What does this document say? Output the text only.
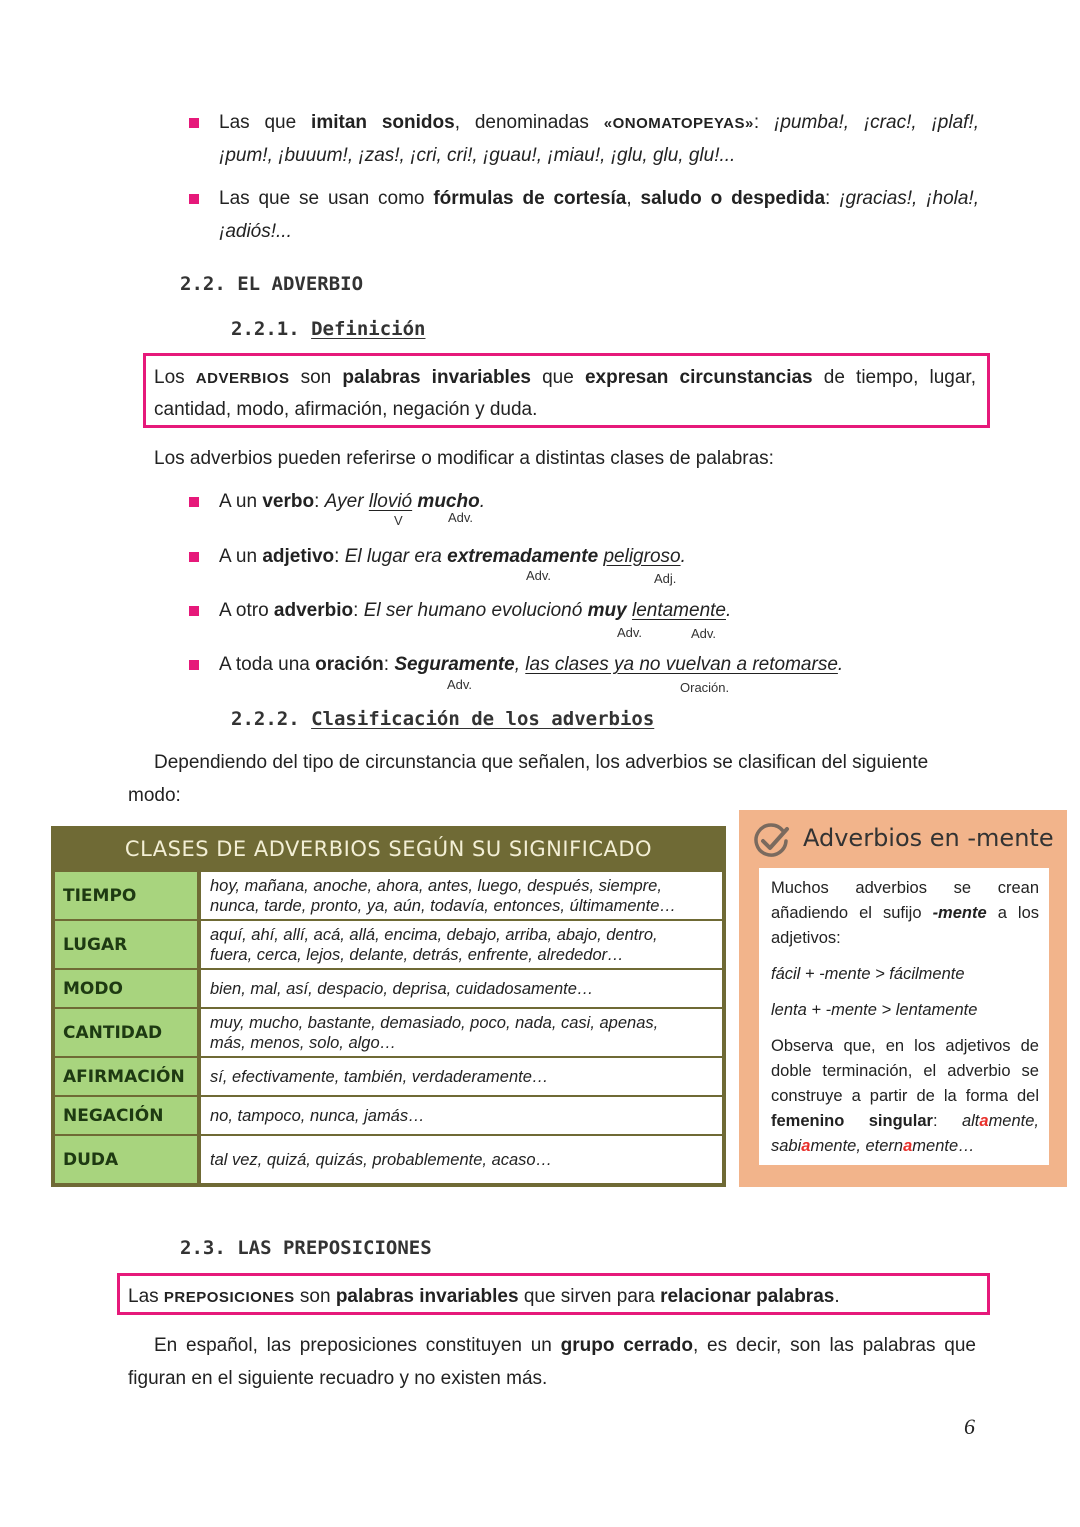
Las que imitan sonidos, denominadas «ONOMATOPEYAS»: ¡pumba!, ¡crac!, ¡plaf!,
¡pum!, ¡buuum!, ¡zas!, ¡cri, cri!, ¡guau!, ¡miau!, ¡glu, glu, glu!...
Las que se usan como fórmulas de cortesía, saludo o despedida: ¡gracias!, ¡hola!,
¡adiós!...
2.2. EL ADVERBIO
2.2.1. Definición
Los ADVERBIOS son palabras invariables que expresan circunstancias de tiempo, lugar,
cantidad, modo, afirmación, negación y duda.
Los adverbios pueden referirse o modificar a distintas clases de palabras:
A un verbo: Ayer llovió mucho.
V	Adv.
A un adjetivo: El lugar era extremadamente peligroso.
Adv.	Adj.
A otro adverbio: El ser humano evolucionó muy lentamente.
Adv.	Adv.
A toda una oración: Seguramente, las clases ya no vuelvan a retomarse.
Adv.	Oración.
2.2.2. Clasificación de los adverbios
Dependiendo del tipo de circunstancia que señalen, los adverbios se clasifican del siguiente
modo:
CLASES DE ADVERBIOS SEGÚN SU SIGNIFICADO
TIEMPO	hoy, mañana, anoche, ahora, antes, luego, después, siempre,
nunca, tarde, pronto, ya, aún, todavía, entonces, últimamente…
LUGAR	aquí, ahí, allí, acá, allá, encima, debajo, arriba, abajo, dentro,
fuera, cerca, lejos, delante, detrás, enfrente, alrededor…
MODO	bien, mal, así, despacio, deprisa, cuidadosamente…
CANTIDAD	muy, mucho, bastante, demasiado, poco, nada, casi, apenas,
más, menos, solo, algo…
AFIRMACIÓN	sí, efectivamente, también, verdaderamente…
NEGACIÓN	no, tampoco, nunca, jamás…
DUDA	tal vez, quizá, quizás, probablemente, acaso…
Adverbios en -mente
Muchos adverbios se crean añadiendo el sufijo -mente a los adjetivos:
fácil + -mente > fácilmente
lenta + -mente > lentamente
Observa que, en los adjetivos de doble terminación, el adverbio se construye a partir de la forma del femenino singular: altamente, sabiamente, eternamente…
2.3. LAS PREPOSICIONES
Las PREPOSICIONES son palabras invariables que sirven para relacionar palabras.
En español, las preposiciones constituyen un grupo cerrado, es decir, son las palabras que
figuran en el siguiente recuadro y no existen más.
6
